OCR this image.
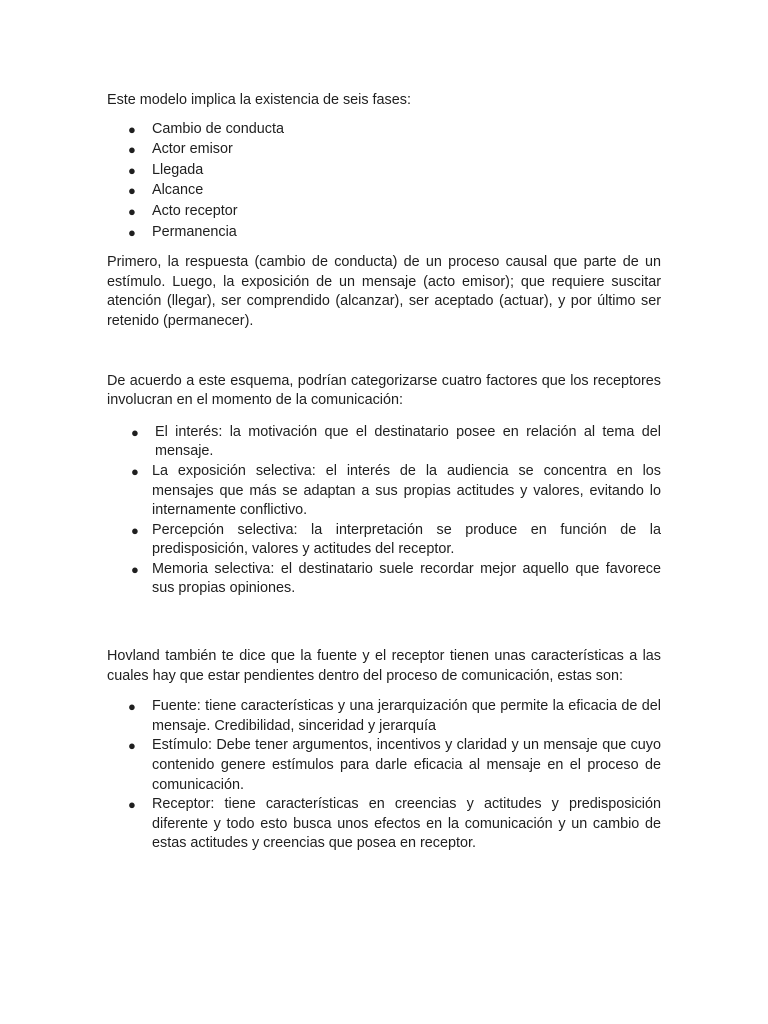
Este modelo implica la existencia de seis fases:

● Cambio de conducta
● Actor emisor
● Llegada
● Alcance
● Acto receptor
● Permanencia

Primero, la respuesta (cambio de conducta) de un proceso causal que parte de un estímulo. Luego, la exposición de un mensaje (acto emisor); que requiere suscitar atención (llegar), ser comprendido (alcanzar), ser aceptado (actuar), y por último ser retenido (permanecer).

De acuerdo a este esquema, podrían categorizarse cuatro factores que los receptores involucran en el momento de la comunicación:

● El interés: la motivación que el destinatario posee en relación al tema del mensaje.
● La exposición selectiva: el interés de la audiencia se concentra en los mensajes que más se adaptan a sus propias actitudes y valores, evitando lo internamente conflictivo.
● Percepción selectiva: la interpretación se produce en función de la predisposición, valores y actitudes del receptor.
● Memoria selectiva: el destinatario suele recordar mejor aquello que favorece sus propias opiniones.

Hovland también te dice que la fuente y el receptor tienen unas características a las cuales hay que estar pendientes dentro del proceso de comunicación, estas son:

● Fuente: tiene características y una jerarquización que permite la eficacia de del mensaje. Credibilidad, sinceridad y jerarquía
● Estímulo: Debe tener argumentos, incentivos y claridad y un mensaje que cuyo contenido genere estímulos para darle eficacia al mensaje en el proceso de comunicación.
● Receptor: tiene características en creencias y actitudes y predisposición diferente y todo esto busca unos efectos en la comunicación y un cambio de estas actitudes y creencias que posea en receptor.
